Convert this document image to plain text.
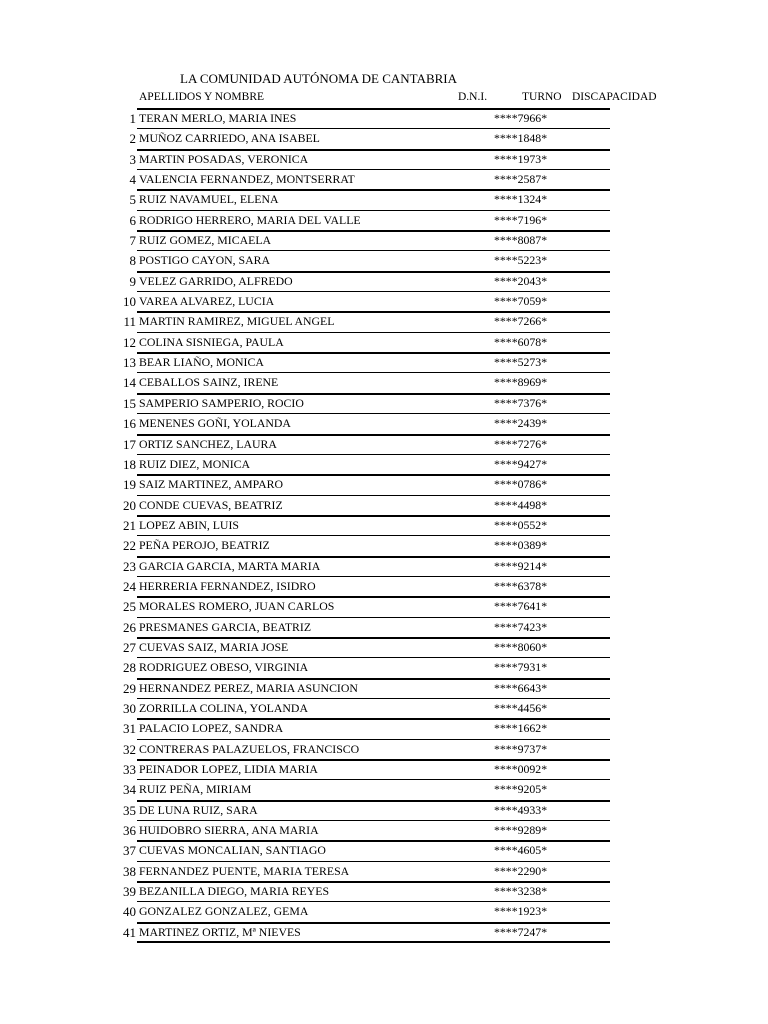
LA COMUNIDAD AUTÓNOMA DE CANTABRIA
APELLIDOS Y NOMBRE	D.N.I.	TURNO DISCAPACIDAD
1 TERAN MERLO, MARIA INES	****7966*
2 MUÑOZ CARRIEDO, ANA ISABEL	****1848*
3 MARTIN POSADAS, VERONICA	****1973*
4 VALENCIA FERNANDEZ, MONTSERRAT	****2587*
5 RUIZ NAVAMUEL, ELENA	****1324*
6 RODRIGO HERRERO, MARIA DEL VALLE	****7196*
7 RUIZ GOMEZ, MICAELA	****8087*
8 POSTIGO CAYON, SARA	****5223*
9 VELEZ GARRIDO, ALFREDO	****2043*
10 VAREA ALVAREZ, LUCIA	****7059*
11 MARTIN RAMIREZ, MIGUEL ANGEL	****7266*
12 COLINA SISNIEGA, PAULA	****6078*
13 BEAR LIAÑO, MONICA	****5273*
14 CEBALLOS SAINZ, IRENE	****8969*
15 SAMPERIO SAMPERIO, ROCIO	****7376*
16 MENENES GOÑI, YOLANDA	****2439*
17 ORTIZ SANCHEZ, LAURA	****7276*
18 RUIZ DIEZ, MONICA	****9427*
19 SAIZ MARTINEZ, AMPARO	****0786*
20 CONDE CUEVAS, BEATRIZ	****4498*
21 LOPEZ ABIN, LUIS	****0552*
22 PEÑA PEROJO, BEATRIZ	****0389*
23 GARCIA GARCIA, MARTA MARIA	****9214*
24 HERRERIA FERNANDEZ, ISIDRO	****6378*
25 MORALES ROMERO, JUAN CARLOS	****7641*
26 PRESMANES GARCIA, BEATRIZ	****7423*
27 CUEVAS SAIZ, MARIA JOSE	****8060*
28 RODRIGUEZ OBESO, VIRGINIA	****7931*
29 HERNANDEZ PEREZ, MARIA ASUNCION	****6643*
30 ZORRILLA COLINA, YOLANDA	****4456*
31 PALACIO LOPEZ, SANDRA	****1662*
32 CONTRERAS PALAZUELOS, FRANCISCO	****9737*
33 PEINADOR LOPEZ, LIDIA MARIA	****0092*
34 RUIZ PEÑA, MIRIAM	****9205*
35 DE LUNA RUIZ, SARA	****4933*
36 HUIDOBRO SIERRA, ANA MARIA	****9289*
37 CUEVAS MONCALIAN, SANTIAGO	****4605*
38 FERNANDEZ PUENTE, MARIA TERESA	****2290*
39 BEZANILLA DIEGO, MARIA REYES	****3238*
40 GONZALEZ GONZALEZ, GEMA	****1923*
41 MARTINEZ ORTIZ, Mª NIEVES	****7247*
